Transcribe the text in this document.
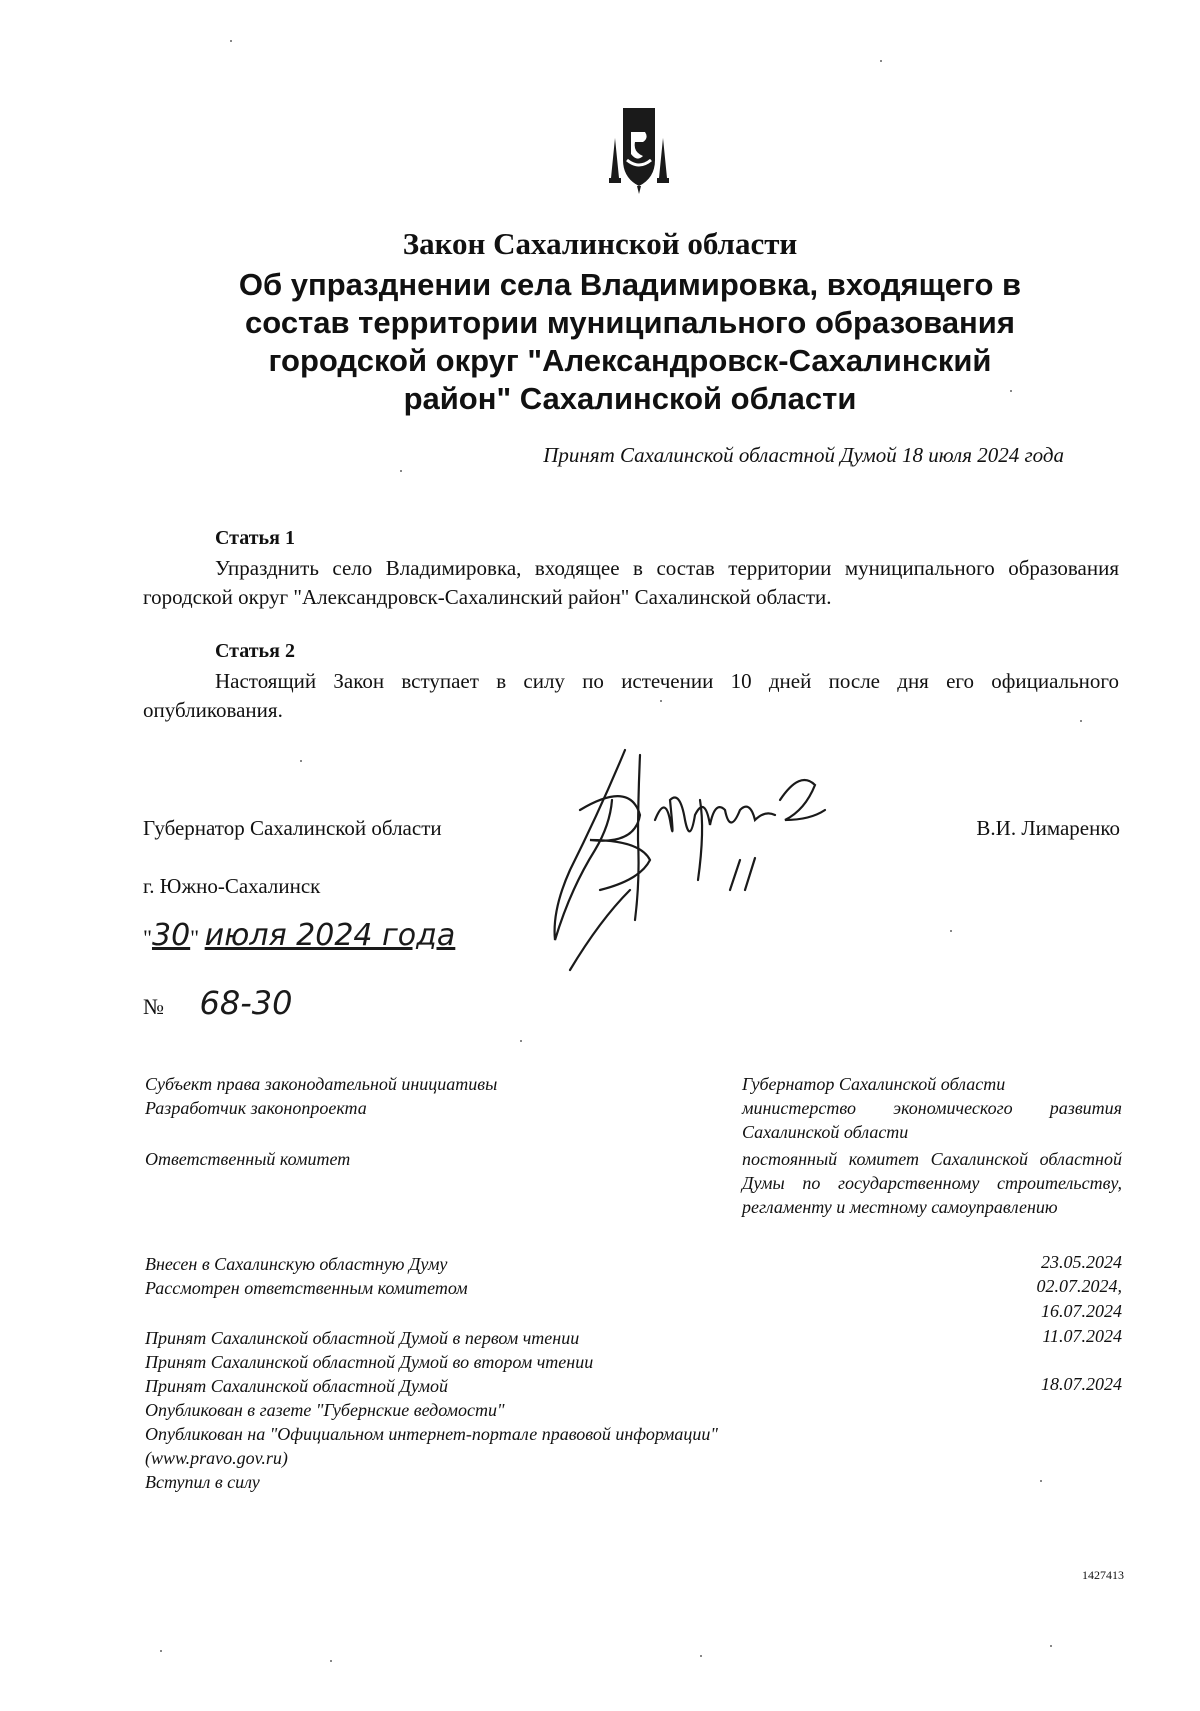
Закон Сахалинской области
Об упразднении села Владимировка, входящего в
состав территории муниципального образования
городской округ "Александровск-Сахалинский
район" Сахалинской области
Принят Сахалинской областной Думой 18 июля 2024 года
Статья 1
Упразднить село Владимировка, входящее в состав территории муниципального образования городской округ "Александровск-Сахалинский район" Сахалинской области.
Статья 2
Настоящий Закон вступает в силу по истечении 10 дней после дня его официального опубликования.
Губернатор Сахалинской области	В.И. Лимаренко
г. Южно-Сахалинск
"30" июля 2024 года
№ 68-30
Субъект права законодательной инициативы
Разработчик законопроекта
Ответственный комитет
Губернатор Сахалинской области
министерство экономического развития Сахалинской области
постоянный комитет Сахалинской областной Думы по государственному строительству, регламенту и местному самоуправлению
Внесен в Сахалинскую областную Думу
Рассмотрен ответственным комитетом
Принят Сахалинской областной Думой в первом чтении
Принят Сахалинской областной Думой во втором чтении
Принят Сахалинской областной Думой
Опубликован в газете "Губернские ведомости"
Опубликован на "Официальном интернет-портале правовой информации" (www.pravo.gov.ru)
Вступил в силу
23.05.2024
02.07.2024,
16.07.2024
11.07.2024
18.07.2024
1427413
